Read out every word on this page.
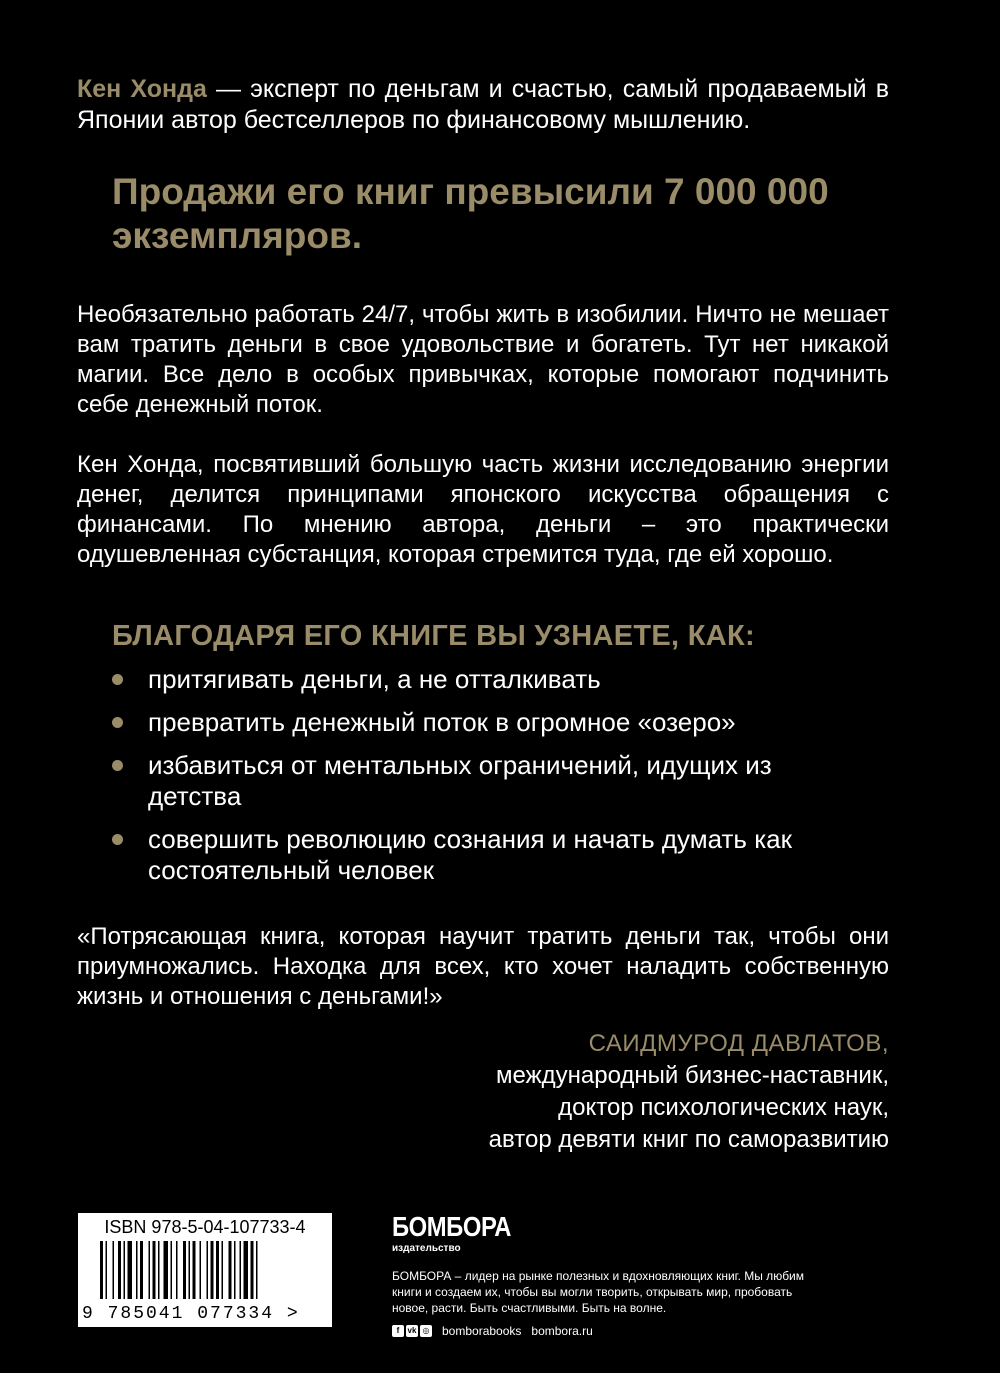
Кен Хонда — эксперт по деньгам и счастью, самый продаваемый в Японии автор бестселлеров по финансовому мышлению.

Продажи его книг превысили 7 000 000 экземпляров.

Необязательно работать 24/7, чтобы жить в изобилии. Ничто не мешает вам тратить деньги в свое удовольствие и богатеть. Тут нет никакой магии. Все дело в особых привычках, которые помогают подчинить себе денежный поток.

Кен Хонда, посвятивший большую часть жизни исследованию энергии денег, делится принципами японского искусства обращения с финансами. По мнению автора, деньги – это практически одушевленная субстанция, которая стремится туда, где ей хорошо.

БЛАГОДАРЯ ЕГО КНИГЕ ВЫ УЗНАЕТЕ, КАК:

притягивать деньги, а не отталкивать
превратить денежный поток в огромное «озеро»
избавиться от ментальных ограничений, идущих из детства
совершить революцию сознания и начать думать как состоятельный человек

«Потрясающая книга, которая научит тратить деньги так, чтобы они приумножались. Находка для всех, кто хочет наладить собственную жизнь и отношения с деньгами!»

САИДМУРОД ДАВЛАТОВ,
международный бизнес-наставник,
доктор психологических наук,
автор девяти книг по саморазвитию
ISBN 978-5-04-107733-4
9 785041 077334 >
БОМБОРА
издательство
БОМБОРА – лидер на рынке полезных и вдохновляющих книг. Мы любим книги и создаем их, чтобы вы могли творить, открывать мир, пробовать новое, расти. Быть счастливыми. Быть на волне.
f	vk ◎ bomborabooks bombora.ru
